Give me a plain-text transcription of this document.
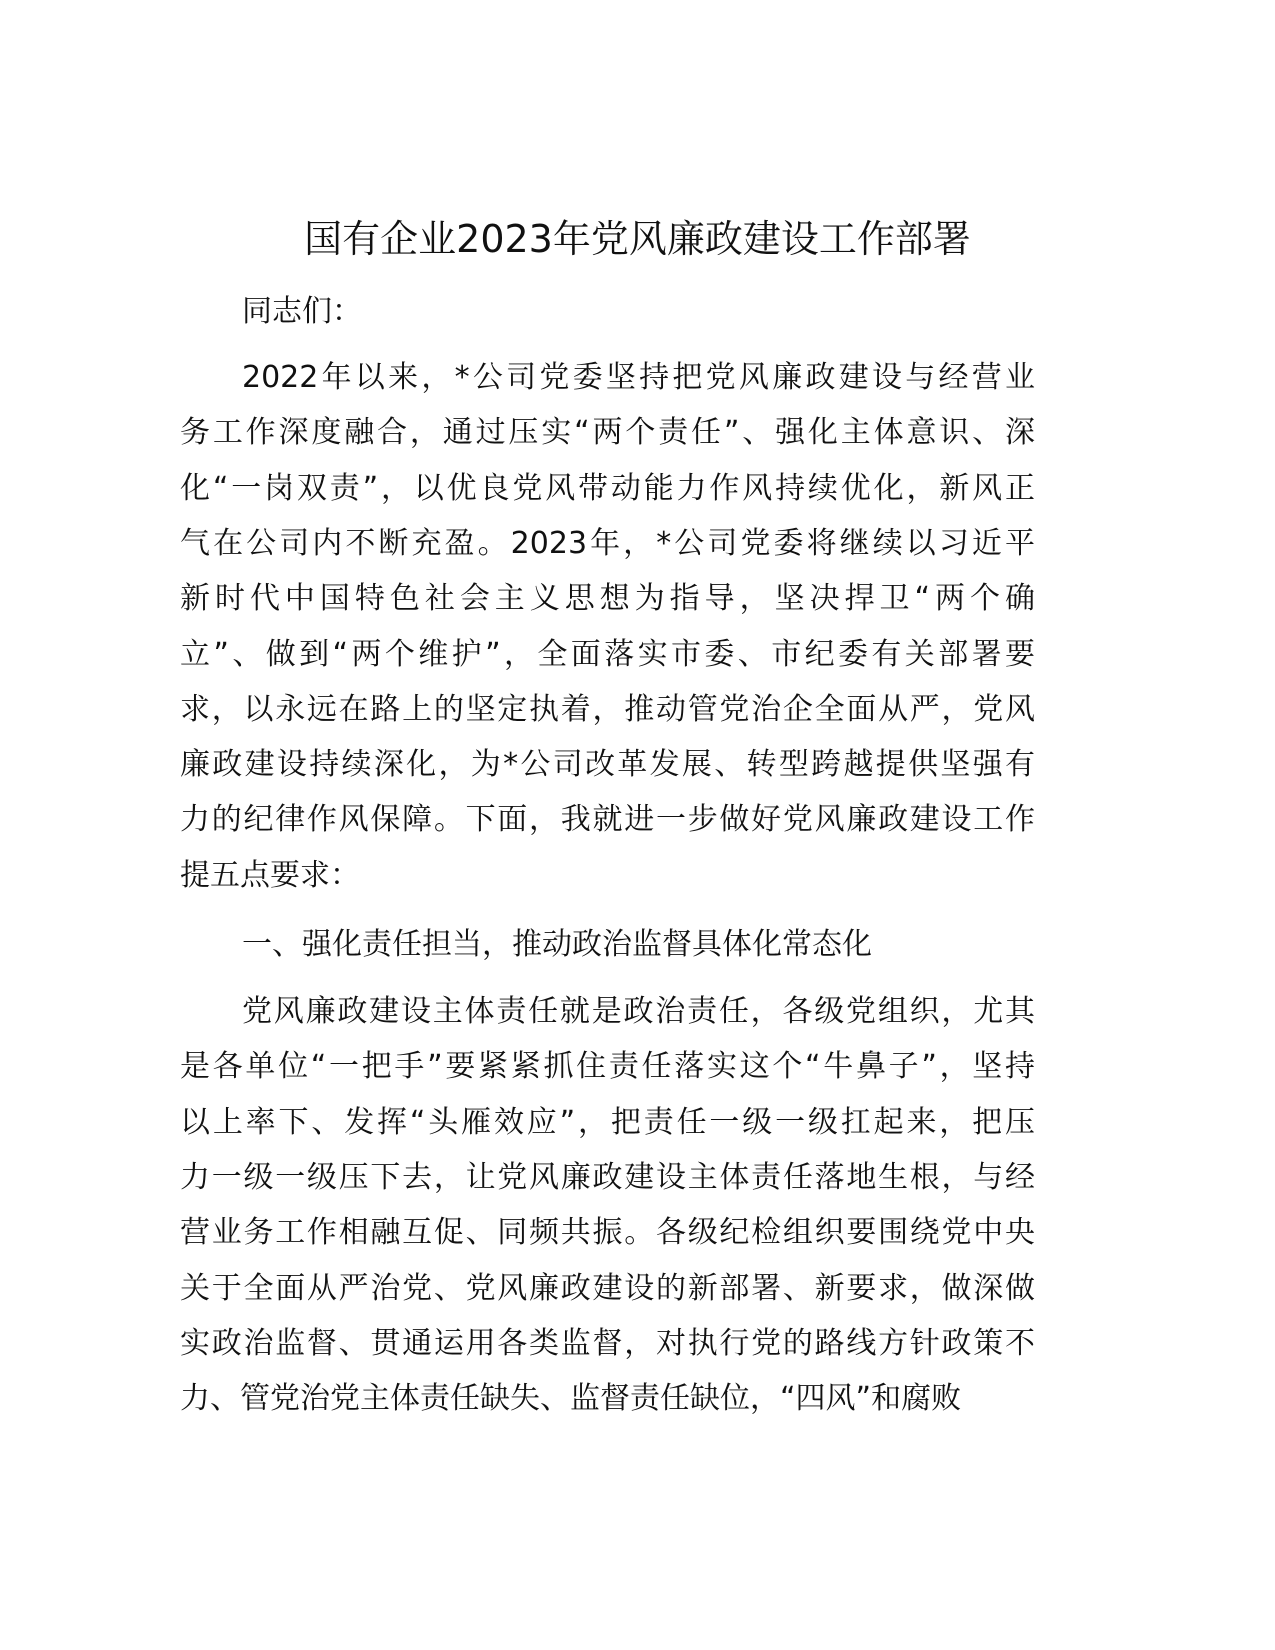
国有企业2023年党风廉政建设工作部署
同志们：
2022年以来，*公司党委坚持把党风廉政建设与经营业
务工作深度融合，通过压实“两个责任”、强化主体意识、深
化“一岗双责”，以优良党风带动能力作风持续优化，新风正
气在公司内不断充盈。2023年，*公司党委将继续以习近平
新时代中国特色社会主义思想为指导，坚决捍卫“两个确
立”、做到“两个维护”，全面落实市委、市纪委有关部署要
求，以永远在路上的坚定执着，推动管党治企全面从严，党风
廉政建设持续深化，为*公司改革发展、转型跨越提供坚强有
力的纪律作风保障。下面，我就进一步做好党风廉政建设工作
提五点要求：
一、强化责任担当，推动政治监督具体化常态化
党风廉政建设主体责任就是政治责任，各级党组织，尤其
是各单位“一把手”要紧紧抓住责任落实这个“牛鼻子”，坚持
以上率下、发挥“头雁效应”，把责任一级一级扛起来，把压
力一级一级压下去，让党风廉政建设主体责任落地生根，与经
营业务工作相融互促、同频共振。各级纪检组织要围绕党中央
关于全面从严治党、党风廉政建设的新部署、新要求，做深做
实政治监督、贯通运用各类监督，对执行党的路线方针政策不
力、管党治党主体责任缺失、监督责任缺位，“四风”和腐败
